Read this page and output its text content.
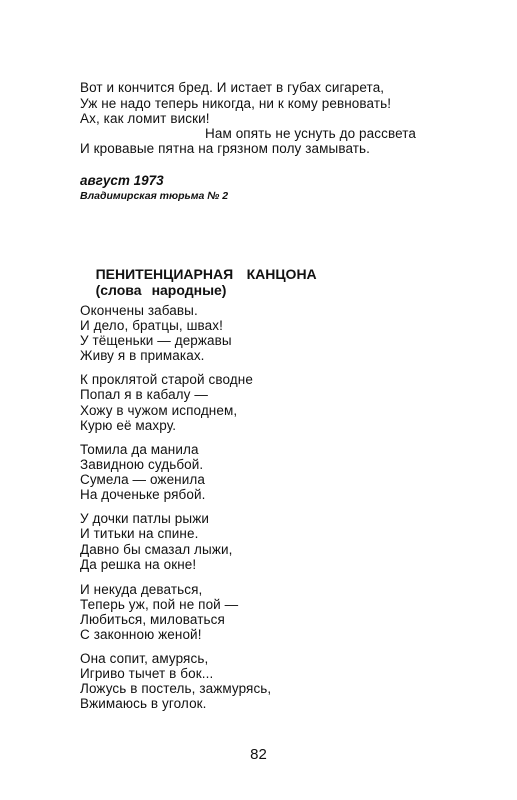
Вот и кончится бред. И истает в губах сигарета,
Уж не надо теперь никогда, ни к кому ревновать!
Ах, как ломит виски!
Нам опять не уснуть до рассвета
И кровавые пятна на грязном полу замывать.
август 1973
Владимирская тюрьма № 2

ПЕНИТЕНЦИАРНАЯ КАНЦОНА

(слова народные)

Окончены забавы.
И дело, братцы, швах!
У тёщеньки — державы
Живу я в примаках.
К проклятой старой сводне
Попал я в кабалу —
Хожу в чужом исподнем,
Курю её махру.
Томила да манила
Завидною судьбой.
Сумела — оженила
На доченьке рябой.
У дочки патлы рыжи
И титьки на спине.
Давно бы смазал лыжи,
Да решка на окне!
И некуда деваться,
Теперь уж, пой не пой —
Любиться, миловаться
С законною женой!
Она сопит, амурясь,
Игриво тычет в бок...
Ложусь в постель, зажмурясь,
Вжимаюсь в уголок.
82
